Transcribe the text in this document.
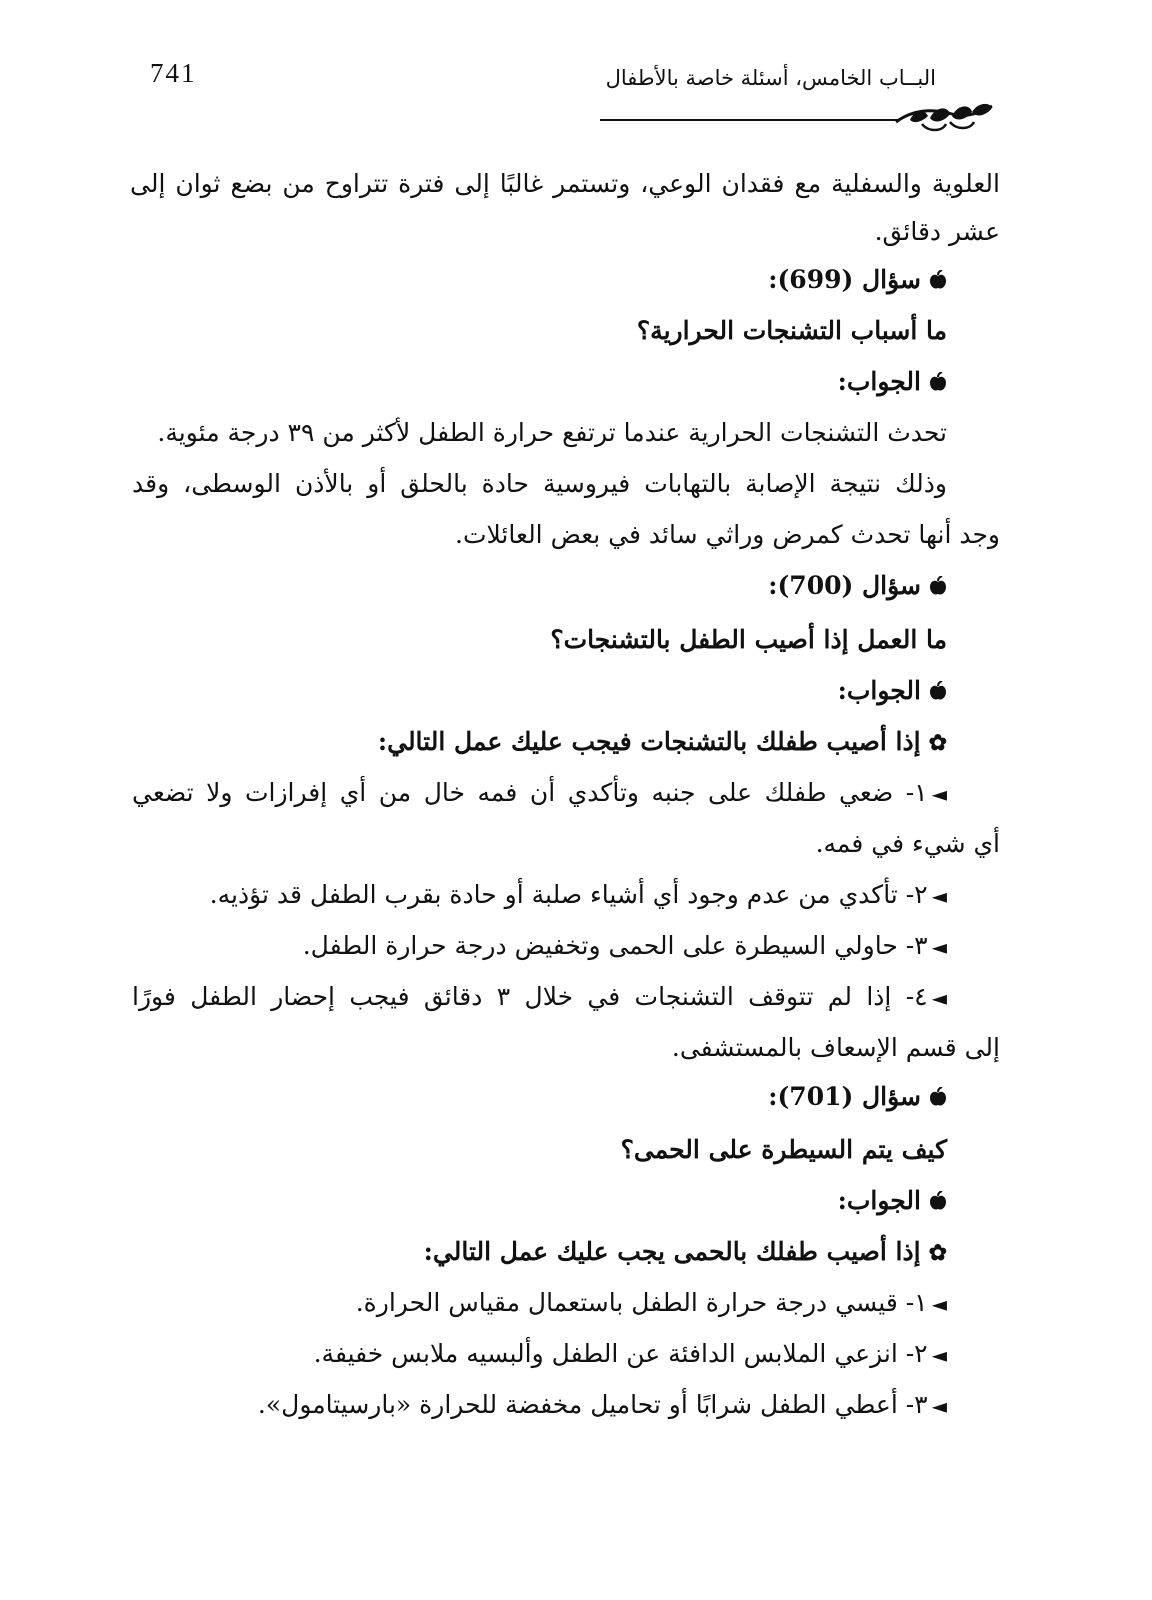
741	البــاب الخامس، أسئلة خاصة بالأطفال
العلوية والسفلية مع فقدان الوعي، وتستمر غالبًا إلى فترة تتراوح من بضع ثوان إلى
عشر دقائق.
سؤال (699):
ما أسباب التشنجات الحرارية؟
الجواب:
تحدث التشنجات الحرارية عندما ترتفع حرارة الطفل لأكثر من ٣٩ درجة مئوية.
وذلك نتيجة الإصابة بالتهابات فيروسية حادة بالحلق أو بالأذن الوسطى، وقد
وجد أنها تحدث كمرض وراثي سائد في بعض العائلات.
سؤال (700):
ما العمل إذا أصيب الطفل بالتشنجات؟
الجواب:
✿إذا أصيب طفلك بالتشنجات فيجب عليك عمل التالي:
◄١- ضعي طفلك على جنبه وتأكدي أن فمه خال من أي إفرازات ولا تضعي
أي شيء في فمه.
◄٢- تأكدي من عدم وجود أي أشياء صلبة أو حادة بقرب الطفل قد تؤذيه.
◄٣- حاولي السيطرة على الحمى وتخفيض درجة حرارة الطفل.
◄٤- إذا لم تتوقف التشنجات في خلال ٣ دقائق فيجب إحضار الطفل فورًا
إلى قسم الإسعاف بالمستشفى.
سؤال (701):
كيف يتم السيطرة على الحمى؟
الجواب:
✿إذا أصيب طفلك بالحمى يجب عليك عمل التالي:
◄١- قيسي درجة حرارة الطفل باستعمال مقياس الحرارة.
◄٢- انزعي الملابس الدافئة عن الطفل وألبسيه ملابس خفيفة.
◄٣- أعطي الطفل شرابًا أو تحاميل مخفضة للحرارة «بارسيتامول».
